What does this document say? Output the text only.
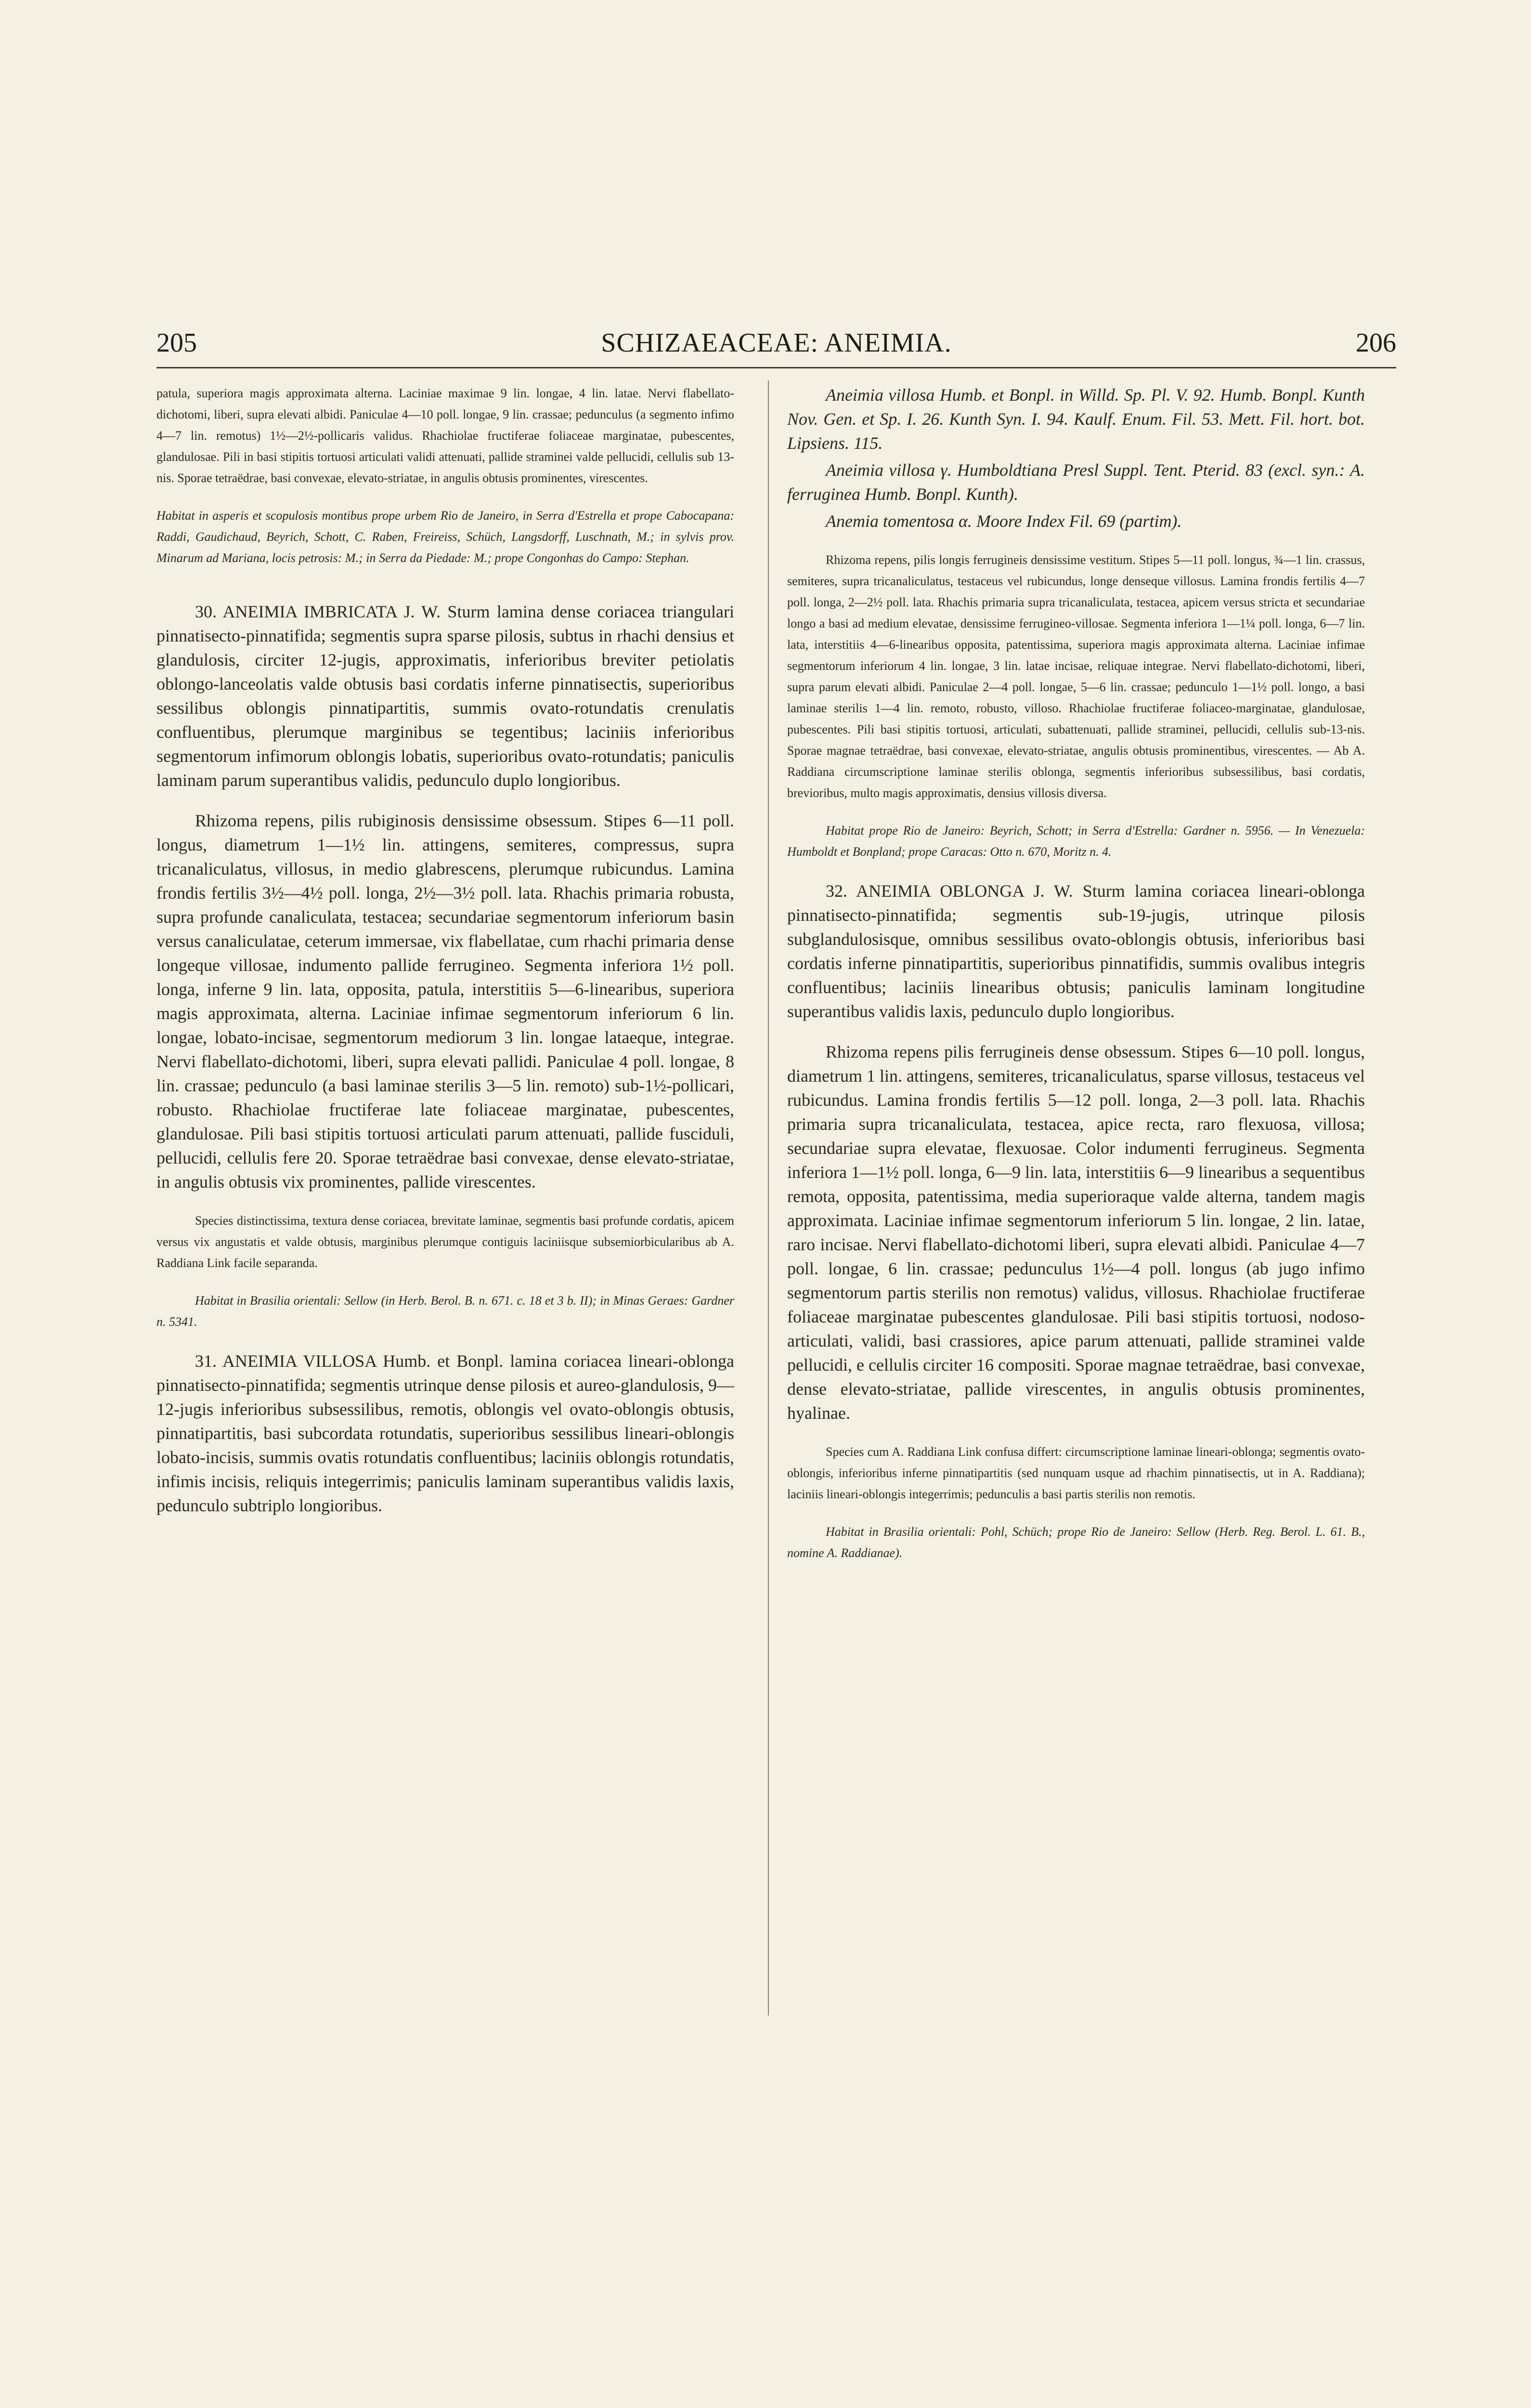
205	SCHIZAEACEAE: ANEIMIA.	206

patula, superiora magis approximata alterna. Laciniae maximae 9 lin. longae, 4 lin. latae. Nervi flabellato-dichotomi, liberi, supra elevati albidi. Paniculae 4—10 poll. longae, 9 lin. crassae; pedunculus (a segmento infimo 4—7 lin. remotus) 1½—2½-pollicaris validus. Rhachiolae fructiferae foliaceae marginatae, pubescentes, glandulosae. Pili in basi stipitis tortuosi articulati validi attenuati, pallide straminei valde pellucidi, cellulis sub 13-nis. Sporae tetraëdrae, basi convexae, elevato-striatae, in angulis obtusis prominentes, virescentes.

Habitat in asperis et scopulosis montibus prope urbem Rio de Janeiro, in Serra d'Estrella et prope Cabocapana: Raddi, Gaudichaud, Beyrich, Schott, C. Raben, Freireiss, Schüch, Langsdorff, Luschnath, M.; in sylvis prov. Minarum ad Mariana, locis petrosis: M.; in Serra da Piedade: M.; prope Congonhas do Campo: Stephan.

30. ANEIMIA IMBRICATA J. W. Sturm lamina dense coriacea triangulari pinnatisecto-pinnatifida; segmentis supra sparse pilosis, subtus in rhachi densius et glandulosis, circiter 12-jugis, approximatis, inferioribus breviter petiolatis oblongo-lanceolatis valde obtusis basi cordatis inferne pinnatisectis, superioribus sessilibus oblongis pinnatipartitis, summis ovato-rotundatis crenulatis confluentibus, plerumque marginibus se tegentibus; laciniis inferioribus segmentorum infimorum oblongis lobatis, superioribus ovato-rotundatis; paniculis laminam parum superantibus validis, pedunculo duplo longioribus.

Rhizoma repens, pilis rubiginosis densissime obsessum. Stipes 6—11 poll. longus, diametrum 1—1½ lin. attingens, semiteres, compressus, supra tricanaliculatus, villosus, in medio glabrescens, plerumque rubicundus. Lamina frondis fertilis 3½—4½ poll. longa, 2½—3½ poll. lata. Rhachis primaria robusta, supra profunde canaliculata, testacea; secundariae segmentorum inferiorum basin versus canaliculatae, ceterum immersae, vix flabellatae, cum rhachi primaria dense longeque villosae, indumento pallide ferrugineo. Segmenta inferiora 1½ poll. longa, inferne 9 lin. lata, opposita, patula, interstitiis 5—6-linearibus, superiora magis approximata, alterna. Laciniae infimae segmentorum inferiorum 6 lin. longae, lobato-incisae, segmentorum mediorum 3 lin. longae lataeque, integrae. Nervi flabellato-dichotomi, liberi, supra elevati pallidi. Paniculae 4 poll. longae, 8 lin. crassae; pedunculo (a basi laminae sterilis 3—5 lin. remoto) sub-1½-pollicari, robusto. Rhachiolae fructiferae late foliaceae marginatae, pubescentes, glandulosae. Pili basi stipitis tortuosi articulati parum attenuati, pallide fusciduli, pellucidi, cellulis fere 20. Sporae tetraëdrae basi convexae, dense elevato-striatae, in angulis obtusis vix prominentes, pallide virescentes.

Species distinctissima, textura dense coriacea, brevitate laminae, segmentis basi profunde cordatis, apicem versus vix angustatis et valde obtusis, marginibus plerumque contiguis laciniisque subsemiorbicularibus ab A. Raddiana Link facile separanda.

Habitat in Brasilia orientali: Sellow (in Herb. Berol. B. n. 671. c. 18 et 3 b. II); in Minas Geraes: Gardner n. 5341.

31. ANEIMIA VILLOSA Humb. et Bonpl. lamina coriacea lineari-oblonga pinnatisecto-pinnatifida; segmentis utrinque dense pilosis et aureo-glandulosis, 9—12-jugis inferioribus subsessilibus, remotis, oblongis vel ovato-oblongis obtusis, pinnatipartitis, basi subcordata rotundatis, superioribus sessilibus lineari-oblongis lobato-incisis, summis ovatis rotundatis confluentibus; laciniis oblongis rotundatis, infimis incisis, reliquis integerrimis; paniculis laminam superantibus validis laxis, pedunculo subtriplo longioribus.

Aneimia villosa Humb. et Bonpl. in Willd. Sp. Pl. V. 92. Humb. Bonpl. Kunth Nov. Gen. et Sp. I. 26. Kunth Syn. I. 94. Kaulf. Enum. Fil. 53. Mett. Fil. hort. bot. Lipsiens. 115.

Aneimia villosa γ. Humboldtiana Presl Suppl. Tent. Pterid. 83 (excl. syn.: A. ferruginea Humb. Bonpl. Kunth).

Anemia tomentosa α. Moore Index Fil. 69 (partim).

Rhizoma repens, pilis longis ferrugineis densissime vestitum. Stipes 5—11 poll. longus, ¾—1 lin. crassus, semiteres, supra tricanaliculatus, testaceus vel rubicundus, longe denseque villosus. Lamina frondis fertilis 4—7 poll. longa, 2—2½ poll. lata. Rhachis primaria supra tricanaliculata, testacea, apicem versus stricta et secundariae longo a basi ad medium elevatae, densissime ferrugineo-villosae. Segmenta inferiora 1—1¼ poll. longa, 6—7 lin. lata, interstitiis 4—6-linearibus opposita, patentissima, superiora magis approximata alterna. Laciniae infimae segmentorum inferiorum 4 lin. longae, 3 lin. latae incisae, reliquae integrae. Nervi flabellato-dichotomi, liberi, supra parum elevati albidi. Paniculae 2—4 poll. longae, 5—6 lin. crassae; pedunculo 1—1½ poll. longo, a basi laminae sterilis 1—4 lin. remoto, robusto, villoso. Rhachiolae fructiferae foliaceo-marginatae, glandulosae, pubescentes. Pili basi stipitis tortuosi, articulati, subattenuati, pallide straminei, pellucidi, cellulis sub-13-nis. Sporae magnae tetraëdrae, basi convexae, elevato-striatae, angulis obtusis prominentibus, virescentes. — Ab A. Raddiana circumscriptione laminae sterilis oblonga, segmentis inferioribus subsessilibus, basi cordatis, brevioribus, multo magis approximatis, densius villosis diversa.

Habitat prope Rio de Janeiro: Beyrich, Schott; in Serra d'Estrella: Gardner n. 5956. — In Venezuela: Humboldt et Bonpland; prope Caracas: Otto n. 670, Moritz n. 4.

32. ANEIMIA OBLONGA J. W. Sturm lamina coriacea lineari-oblonga pinnatisecto-pinnatifida; segmentis sub-19-jugis, utrinque pilosis subglandulosisque, omnibus sessilibus ovato-oblongis obtusis, inferioribus basi cordatis inferne pinnatipartitis, superioribus pinnatifidis, summis ovalibus integris confluentibus; laciniis linearibus obtusis; paniculis laminam longitudine superantibus validis laxis, pedunculo duplo longioribus.

Rhizoma repens pilis ferrugineis dense obsessum. Stipes 6—10 poll. longus, diametrum 1 lin. attingens, semiteres, tricanaliculatus, sparse villosus, testaceus vel rubicundus. Lamina frondis fertilis 5—12 poll. longa, 2—3 poll. lata. Rhachis primaria supra tricanaliculata, testacea, apice recta, raro flexuosa, villosa; secundariae supra elevatae, flexuosae. Color indumenti ferrugineus. Segmenta inferiora 1—1½ poll. longa, 6—9 lin. lata, interstitiis 6—9 linearibus a sequentibus remota, opposita, patentissima, media superioraque valde alterna, tandem magis approximata. Laciniae infimae segmentorum inferiorum 5 lin. longae, 2 lin. latae, raro incisae. Nervi flabellato-dichotomi liberi, supra elevati albidi. Paniculae 4—7 poll. longae, 6 lin. crassae; pedunculus 1½—4 poll. longus (ab jugo infimo segmentorum partis sterilis non remotus) validus, villosus. Rhachiolae fructiferae foliaceae marginatae pubescentes glandulosae. Pili basi stipitis tortuosi, nodoso-articulati, validi, basi crassiores, apice parum attenuati, pallide straminei valde pellucidi, e cellulis circiter 16 compositi. Sporae magnae tetraëdrae, basi convexae, dense elevato-striatae, pallide virescentes, in angulis obtusis prominentes, hyalinae.

Species cum A. Raddiana Link confusa differt: circumscriptione laminae lineari-oblonga; segmentis ovato-oblongis, inferioribus inferne pinnatipartitis (sed nunquam usque ad rhachim pinnatisectis, ut in A. Raddiana); laciniis lineari-oblongis integerrimis; pedunculis a basi partis sterilis non remotis.

Habitat in Brasilia orientali: Pohl, Schüch; prope Rio de Janeiro: Sellow (Herb. Reg. Berol. L. 61. B., nomine A. Raddianae).
